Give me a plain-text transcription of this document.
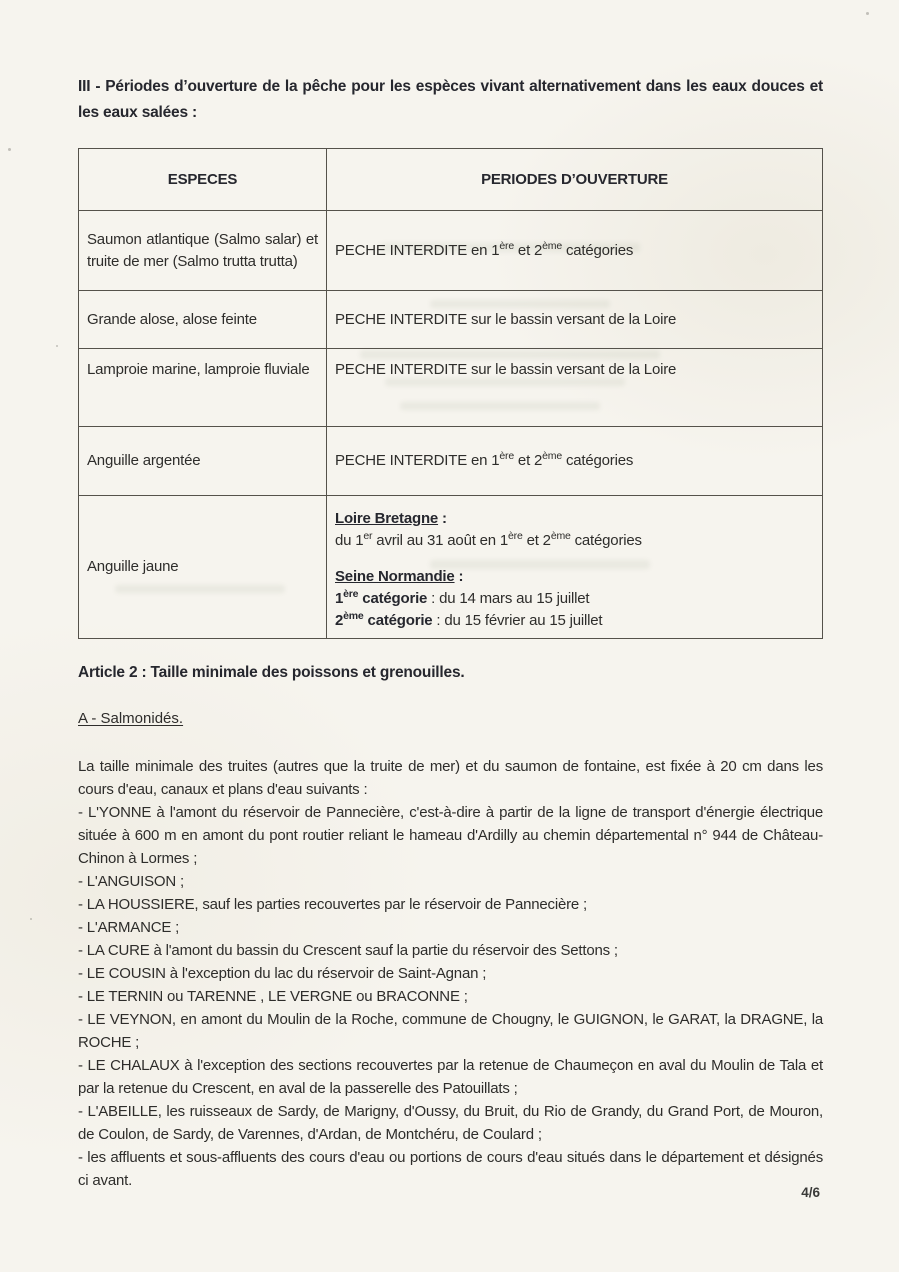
III - Périodes d’ouverture de la pêche pour les espèces vivant alternativement dans les eaux douces et les eaux salées :
ESPECES	PERIODES D’OUVERTURE
Saumon atlantique (Salmo salar) et truite de mer (Salmo trutta trutta)	PECHE INTERDITE en 1ère et 2ème catégories

Grande alose, alose feinte	PECHE INTERDITE sur le bassin versant de la Loire

Lamproie marine, lamproie fluviale	PECHE INTERDITE sur le bassin versant de la Loire

Anguille argentée	PECHE INTERDITE en 1ère et 2ème catégories

Anguille jaune	Loire Bretagne :
du 1er avril au 31 août en 1ère et 2ème catégories
Seine Normandie :
1ère catégorie : du 14 mars au 15 juillet
2ème catégorie : du 15 février au 15 juillet
Article 2 : Taille minimale des poissons et grenouilles.
A - Salmonidés.
La taille minimale des truites (autres que la truite de mer) et du saumon de fontaine, est fixée à 20 cm dans les cours d'eau, canaux et plans d'eau suivants :
- L'YONNE à l'amont du réservoir de Pannecière, c'est-à-dire à partir de la ligne de transport d'énergie électrique située à 600 m en amont du pont routier reliant le hameau d'Ardilly au chemin départemental n° 944 de Château-Chinon à Lormes ;
- L'ANGUISON ;
- LA HOUSSIERE, sauf les parties recouvertes par le réservoir de Pannecière ;
- L'ARMANCE ;
- LA CURE à l'amont du bassin du Crescent sauf la partie du réservoir des Settons ;
- LE COUSIN à l'exception du lac du réservoir de Saint-Agnan ;
- LE TERNIN ou TARENNE , LE VERGNE ou BRACONNE ;
- LE VEYNON, en amont du Moulin de la Roche, commune de Chougny, le GUIGNON, le GARAT, la DRAGNE, la ROCHE ;
- LE CHALAUX à l'exception des sections recouvertes par la retenue de Chaumeçon en aval du Moulin de Tala et par la retenue du Crescent, en aval de la passerelle des Patouillats ;
- L'ABEILLE, les ruisseaux de Sardy, de Marigny, d'Oussy, du Bruit, du Rio de Grandy, du Grand Port, de Mouron, de Coulon, de Sardy, de Varennes, d'Ardan, de Montchéru, de Coulard ;
- les affluents et sous-affluents des cours d'eau ou portions de cours d'eau situés dans le département et désignés ci avant.
4/6
